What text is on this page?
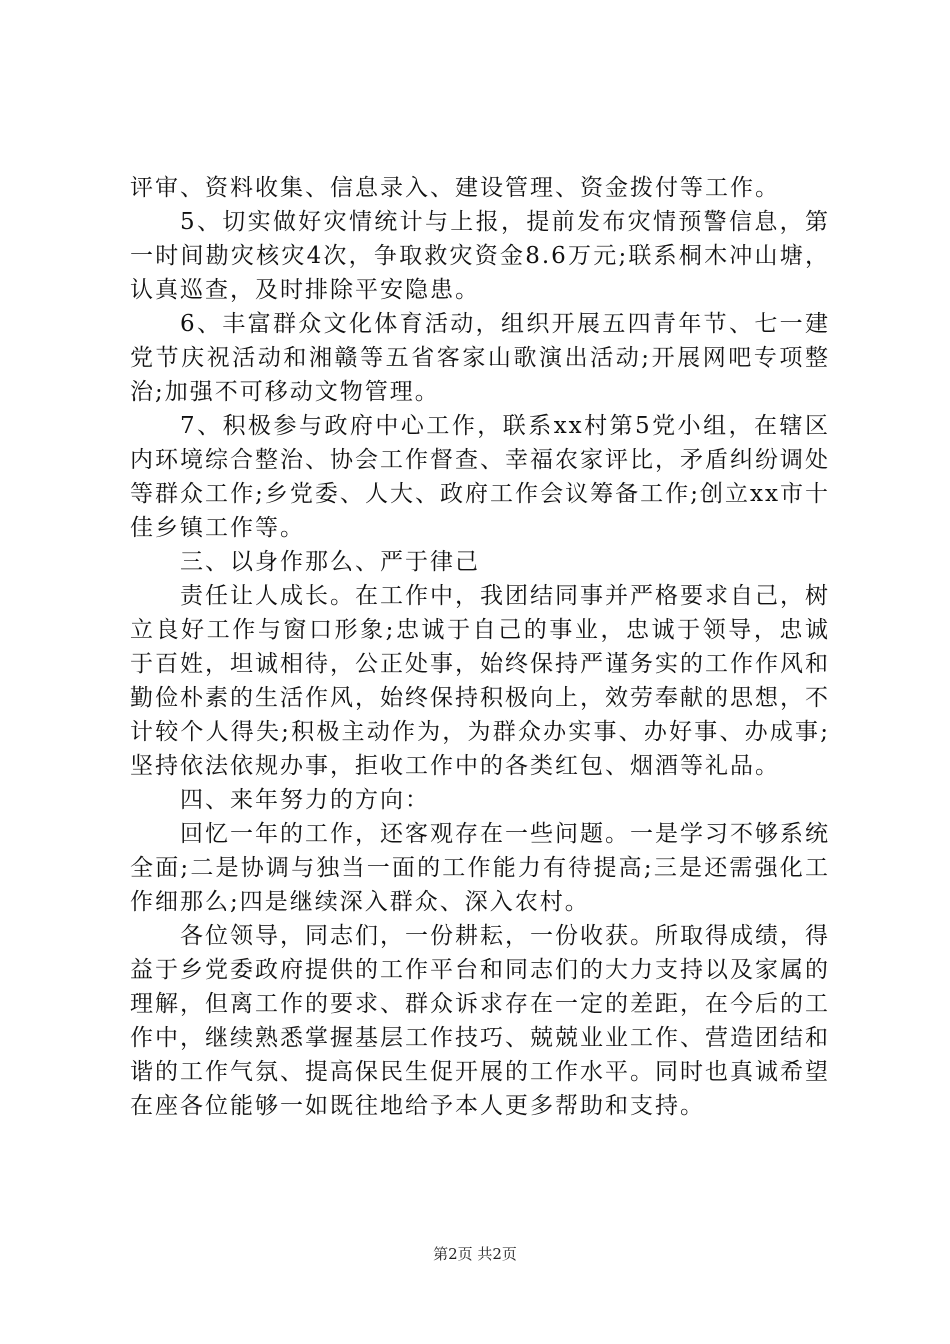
评审、资料收集、信息录入、建设管理、资金拨付等工作。

5、切实做好灾情统计与上报，提前发布灾情预警信息，第一时间勘灾核灾4次，争取救灾资金8.6万元;联系桐木冲山塘，认真巡查，及时排除平安隐患。

6、丰富群众文化体育活动，组织开展五四青年节、七一建党节庆祝活动和湘赣等五省客家山歌演出活动;开展网吧专项整治;加强不可移动文物管理。

7、积极参与政府中心工作，联系xx村第5党小组，在辖区内环境综合整治、协会工作督查、幸福农家评比，矛盾纠纷调处等群众工作;乡党委、人大、政府工作会议筹备工作;创立xx市十佳乡镇工作等。

三、以身作那么、严于律己

责任让人成长。在工作中，我团结同事并严格要求自己，树立良好工作与窗口形象;忠诚于自己的事业，忠诚于领导，忠诚于百姓，坦诚相待，公正处事，始终保持严谨务实的工作作风和勤俭朴素的生活作风，始终保持积极向上，效劳奉献的思想，不计较个人得失;积极主动作为，为群众办实事、办好事、办成事;坚持依法依规办事，拒收工作中的各类红包、烟酒等礼品。

四、来年努力的方向：

回忆一年的工作，还客观存在一些问题。一是学习不够系统全面;二是协调与独当一面的工作能力有待提高;三是还需强化工作细那么;四是继续深入群众、深入农村。

各位领导，同志们，一份耕耘，一份收获。所取得成绩，得益于乡党委政府提供的工作平台和同志们的大力支持以及家属的理解，但离工作的要求、群众诉求存在一定的差距，在今后的工作中，继续熟悉掌握基层工作技巧、兢兢业业工作、营造团结和谐的工作气氛、提高保民生促开展的工作水平。同时也真诚希望在座各位能够一如既往地给予本人更多帮助和支持。

第2页 共2页
